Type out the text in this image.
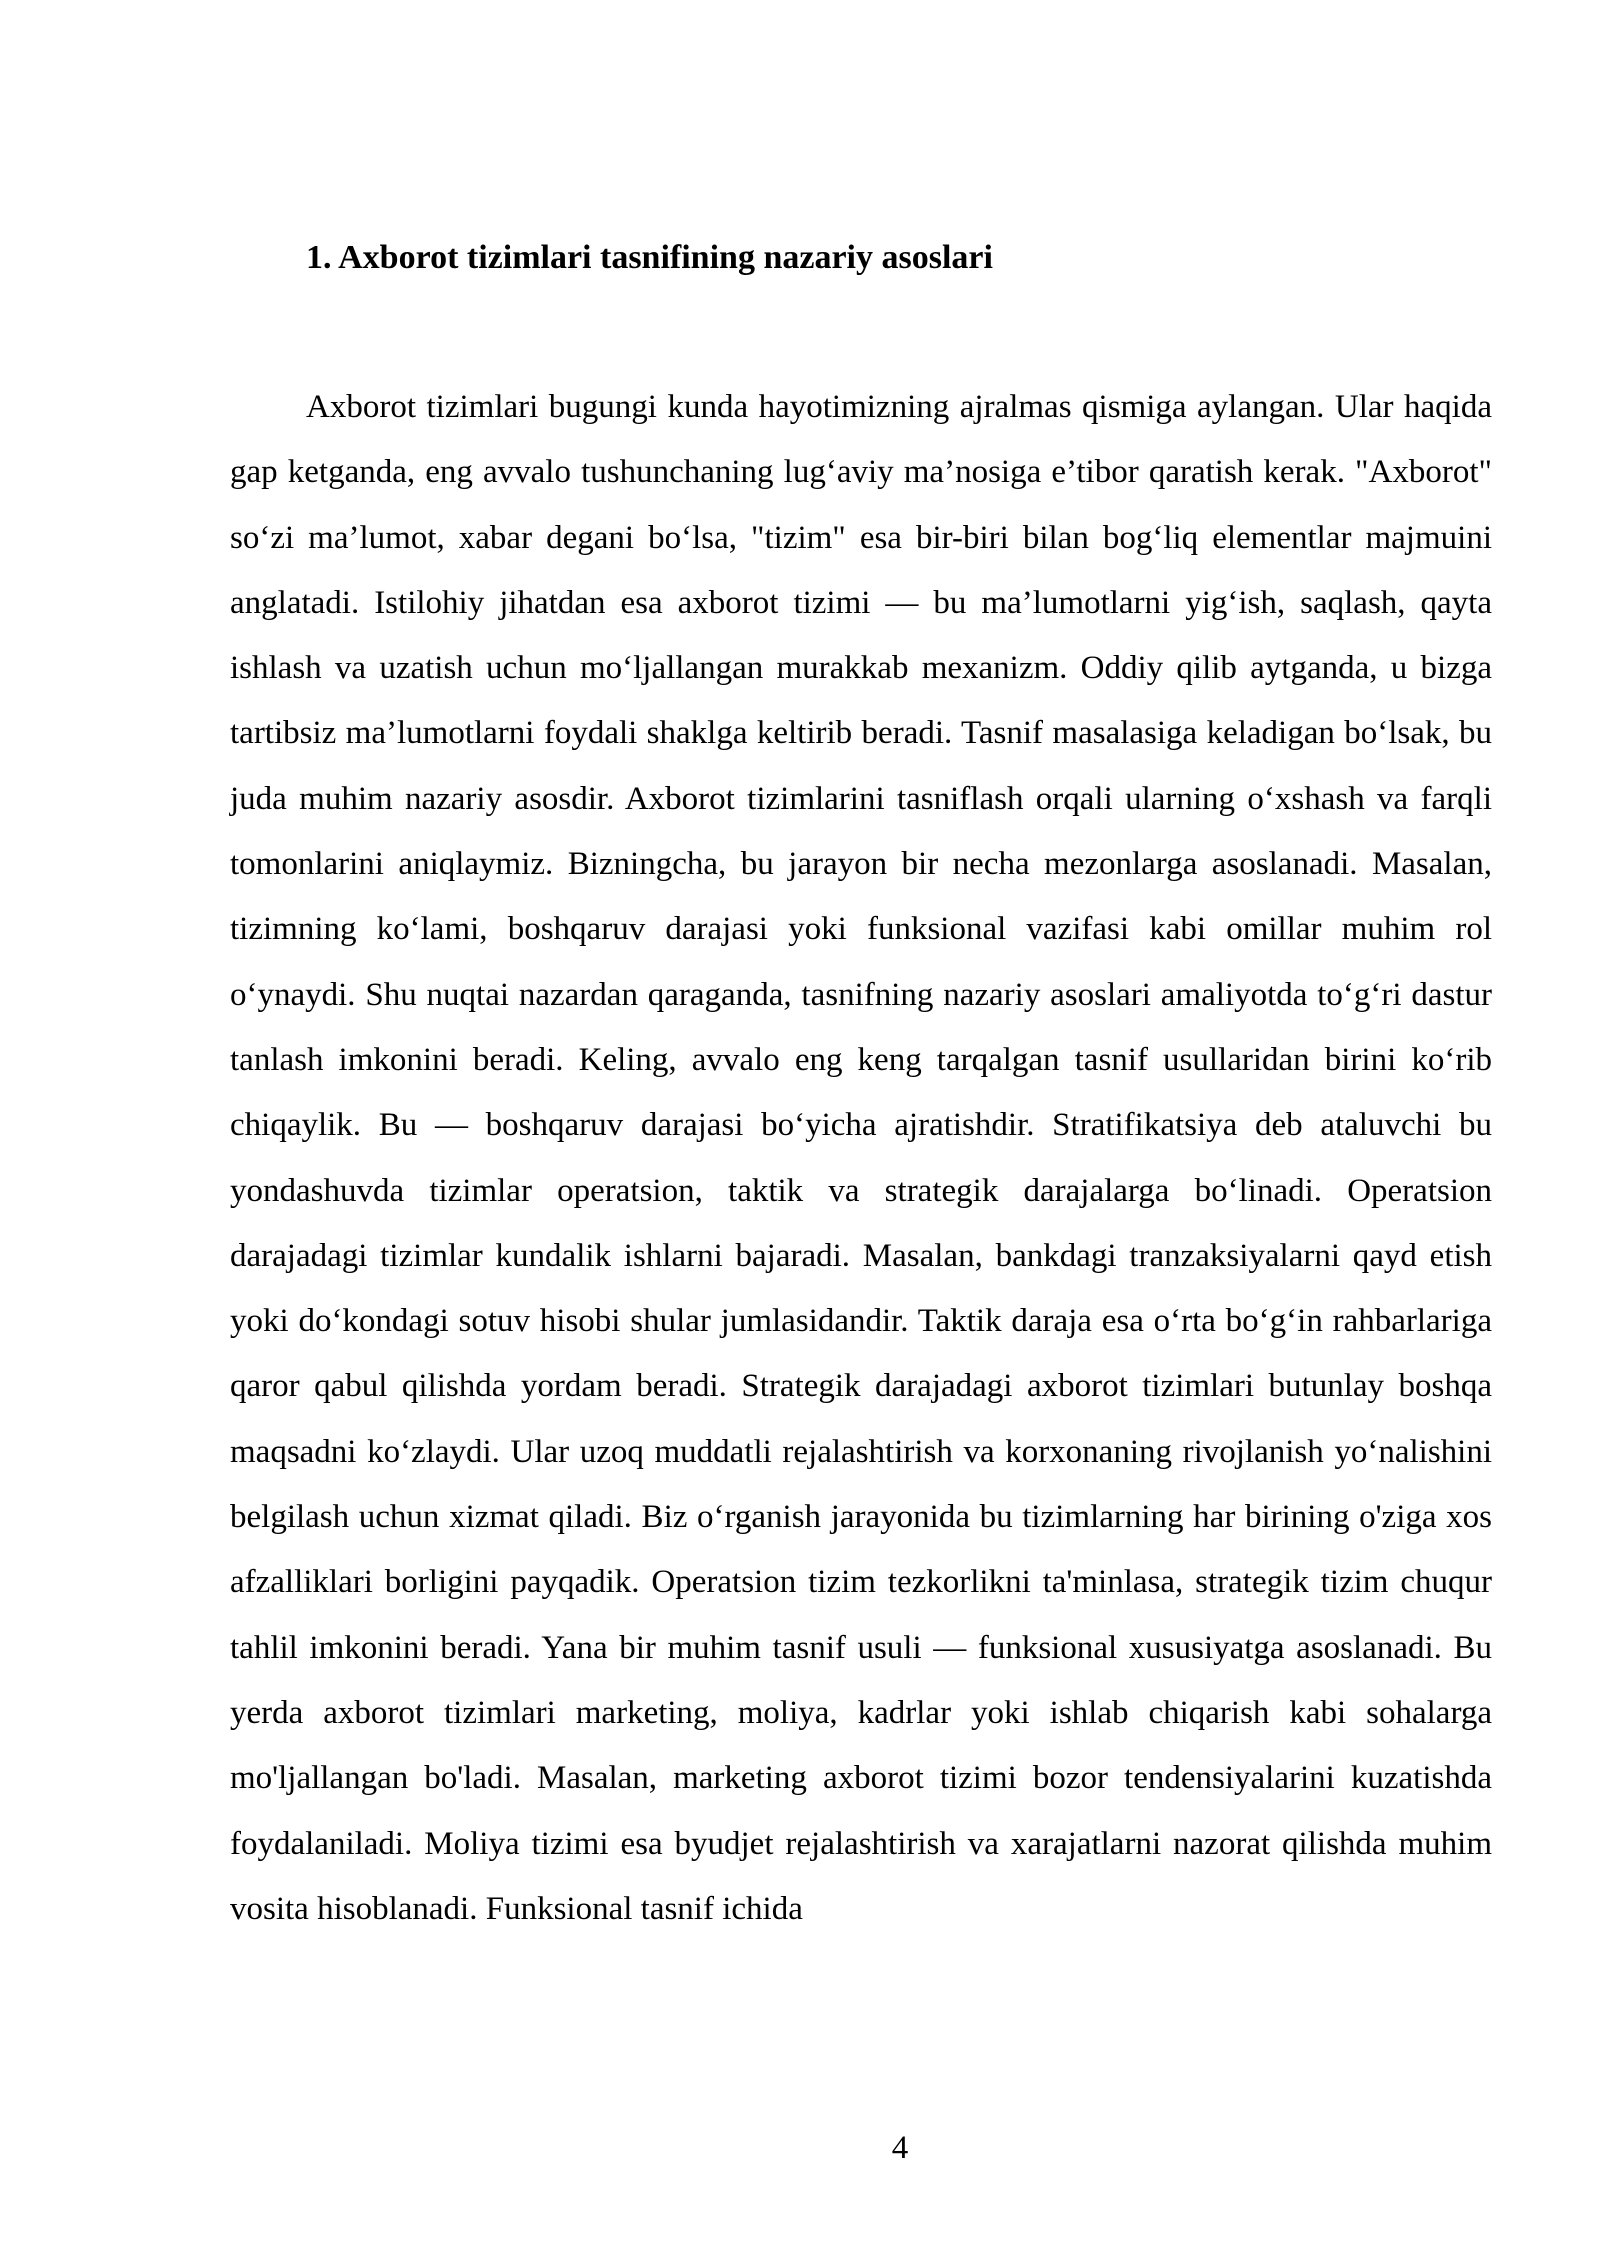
1. Axborot tizimlari tasnifining nazariy asoslari

Axborot tizimlari bugungi kunda hayotimizning ajralmas qismiga aylangan. Ular haqida gap ketganda, eng avvalo tushunchaning lug‘aviy ma’nosiga e’tibor qaratish kerak. "Axborot" so‘zi ma’lumot, xabar degani bo‘lsa, "tizim" esa bir-biri bilan bog‘liq elementlar majmuini anglatadi. Istilohiy jihatdan esa axborot tizimi — bu ma’lumotlarni yig‘ish, saqlash, qayta ishlash va uzatish uchun mo‘ljallangan murakkab mexanizm. Oddiy qilib aytganda, u bizga tartibsiz ma’lumotlarni foydali shaklga keltirib beradi. Tasnif masalasiga keladigan bo‘lsak, bu juda muhim nazariy asosdir. Axborot tizimlarini tasniflash orqali ularning o‘xshash va farqli tomonlarini aniqlaymiz. Bizningcha, bu jarayon bir necha mezonlarga asoslanadi. Masalan, tizimning ko‘lami, boshqaruv darajasi yoki funksional vazifasi kabi omillar muhim rol o‘ynaydi. Shu nuqtai nazardan qaraganda, tasnifning nazariy asoslari amaliyotda to‘g‘ri dastur tanlash imkonini beradi. Keling, avvalo eng keng tarqalgan tasnif usullaridan birini ko‘rib chiqaylik. Bu — boshqaruv darajasi bo‘yicha ajratishdir. Stratifikatsiya deb ataluvchi bu yondashuvda tizimlar operatsion, taktik va strategik darajalarga bo‘linadi. Operatsion darajadagi tizimlar kundalik ishlarni bajaradi. Masalan, bankdagi tranzaksiyalarni qayd etish yoki do‘kondagi sotuv hisobi shular jumlasidandir. Taktik daraja esa o‘rta bo‘g‘in rahbarlariga qaror qabul qilishda yordam beradi. Strategik darajadagi axborot tizimlari butunlay boshqa maqsadni ko‘zlaydi. Ular uzoq muddatli rejalashtirish va korxonaning rivojlanish yo‘nalishini belgilash uchun xizmat qiladi. Biz o‘rganish jarayonida bu tizimlarning har birining o'ziga xos afzalliklari borligini payqadik. Operatsion tizim tezkorlikni ta'minlasa, strategik tizim chuqur tahlil imkonini beradi. Yana bir muhim tasnif usuli — funksional xususiyatga asoslanadi. Bu yerda axborot tizimlari marketing, moliya, kadrlar yoki ishlab chiqarish kabi sohalarga mo'ljallangan bo'ladi. Masalan, marketing axborot tizimi bozor tendensiyalarini kuzatishda foydalaniladi. Moliya tizimi esa byudjet rejalashtirish va xarajatlarni nazorat qilishda muhim vosita hisoblanadi. Funksional tasnif ichida

4
